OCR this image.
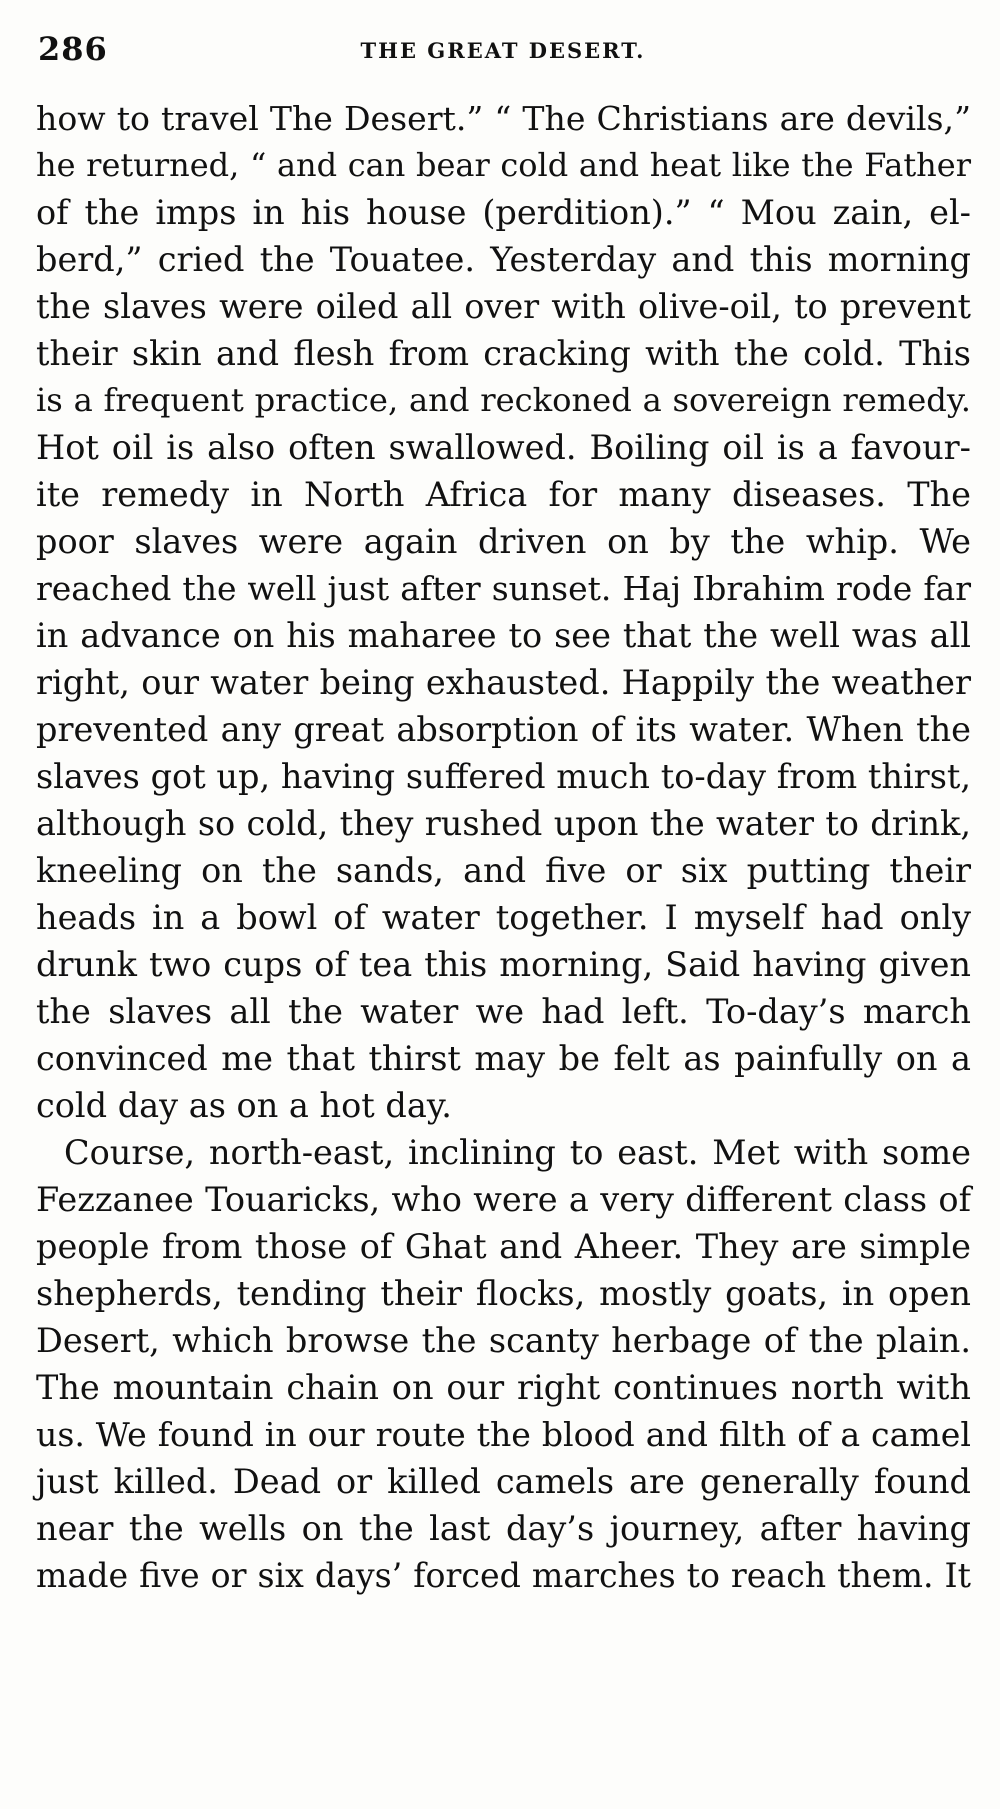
286	THE GREAT DESERT.
how to travel The Desert.” “ The Christians are devils,”
he returned, “ and can bear cold and heat like the Father
of the imps in his house (perdition).” “ Mou zain, el-
berd,” cried the Touatee. Yesterday and this morning
the slaves were oiled all over with olive-oil, to prevent
their skin and flesh from cracking with the cold. This
is a frequent practice, and reckoned a sovereign remedy.
Hot oil is also often swallowed. Boiling oil is a favour-
ite remedy in North Africa for many diseases. The
poor slaves were again driven on by the whip. We
reached the well just after sunset. Haj Ibrahim rode far
in advance on his maharee to see that the well was all
right, our water being exhausted. Happily the weather
prevented any great absorption of its water. When the
slaves got up, having suffered much to-day from thirst,
although so cold, they rushed upon the water to drink,
kneeling on the sands, and five or six putting their
heads in a bowl of water together. I myself had only
drunk two cups of tea this morning, Said having given
the slaves all the water we had left. To-day’s march
convinced me that thirst may be felt as painfully on a
cold day as on a hot day.
Course, north-east, inclining to east. Met with some
Fezzanee Touaricks, who were a very different class of
people from those of Ghat and Aheer. They are simple
shepherds, tending their flocks, mostly goats, in open
Desert, which browse the scanty herbage of the plain.
The mountain chain on our right continues north with
us. We found in our route the blood and filth of a camel
just killed. Dead or killed camels are generally found
near the wells on the last day’s journey, after having
made five or six days’ forced marches to reach them. It
